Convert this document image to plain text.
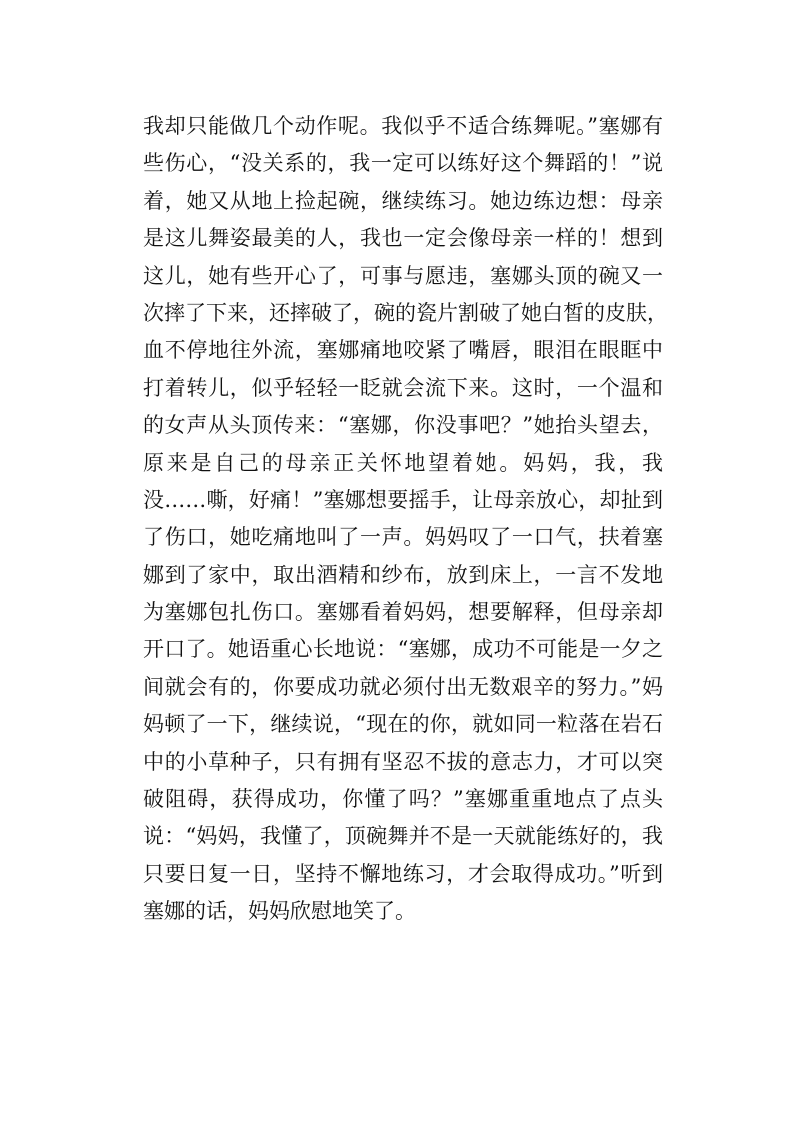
我却只能做几个动作呢。我似乎不适合练舞呢。”塞娜有
些伤心，“没关系的，我一定可以练好这个舞蹈的！”说
着，她又从地上捡起碗，继续练习。她边练边想：母亲
是这儿舞姿最美的人，我也一定会像母亲一样的！想到
这儿，她有些开心了，可事与愿违，塞娜头顶的碗又一
次摔了下来，还摔破了，碗的瓷片割破了她白皙的皮肤，
血不停地往外流，塞娜痛地咬紧了嘴唇，眼泪在眼眶中
打着转儿，似乎轻轻一眨就会流下来。这时，一个温和
的女声从头顶传来：“塞娜，你没事吧？”她抬头望去，
原来是自己的母亲正关怀地望着她。妈妈，我，我
没……嘶，好痛！”塞娜想要摇手，让母亲放心，却扯到
了伤口，她吃痛地叫了一声。妈妈叹了一口气，扶着塞
娜到了家中，取出酒精和纱布，放到床上，一言不发地
为塞娜包扎伤口。塞娜看着妈妈，想要解释，但母亲却
开口了。她语重心长地说：“塞娜，成功不可能是一夕之
间就会有的，你要成功就必须付出无数艰辛的努力。”妈
妈顿了一下，继续说，“现在的你，就如同一粒落在岩石
中的小草种子，只有拥有坚忍不拔的意志力，才可以突
破阻碍，获得成功，你懂了吗？”塞娜重重地点了点头
说：“妈妈，我懂了，顶碗舞并不是一天就能练好的，我
只要日复一日，坚持不懈地练习，才会取得成功。”听到
塞娜的话，妈妈欣慰地笑了。
